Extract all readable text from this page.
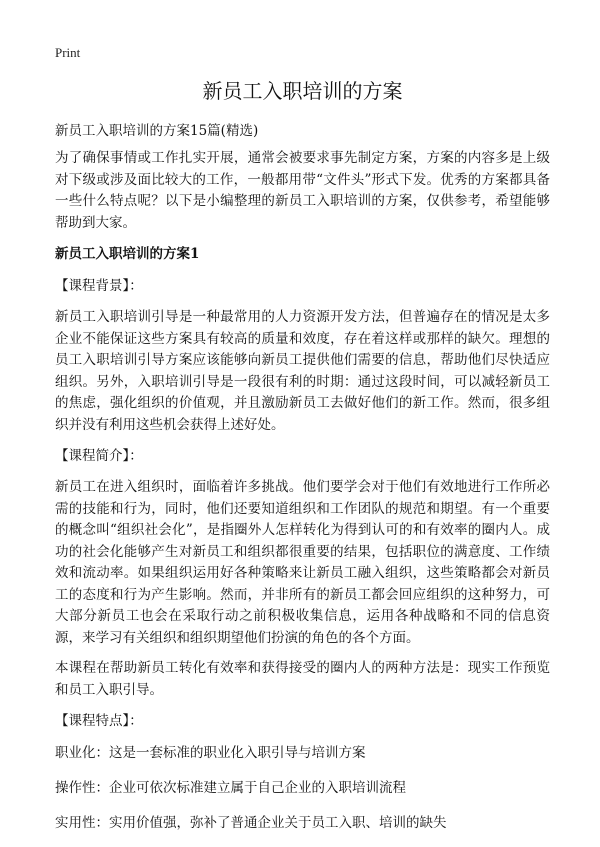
Print
新员工入职培训的方案

新员工入职培训的方案15篇(精选)

为了确保事情或工作扎实开展，通常会被要求事先制定方案，方案的内容多是上级对下级或涉及面比较大的工作，一般都用带“文件头”形式下发。优秀的方案都具备一些什么特点呢？以下是小编整理的新员工入职培训的方案，仅供参考，希望能够帮助到大家。

新员工入职培训的方案1

【课程背景】：

新员工入职培训引导是一种最常用的人力资源开发方法，但普遍存在的情况是太多企业不能保证这些方案具有较高的质量和效度，存在着这样或那样的缺欠。理想的员工入职培训引导方案应该能够向新员工提供他们需要的信息，帮助他们尽快适应组织。另外，入职培训引导是一段很有利的时期：通过这段时间，可以减轻新员工的焦虑，强化组织的价值观，并且激励新员工去做好他们的新工作。然而，很多组织并没有利用这些机会获得上述好处。

【课程简介】：

新员工在进入组织时，面临着许多挑战。他们要学会对于他们有效地进行工作所必需的技能和行为，同时，他们还要知道组织和工作团队的规范和期望。有一个重要的概念叫“组织社会化”，是指圈外人怎样转化为得到认可的和有效率的圈内人。成功的社会化能够产生对新员工和组织都很重要的结果，包括职位的满意度、工作绩效和流动率。如果组织运用好各种策略来让新员工融入组织，这些策略都会对新员工的态度和行为产生影响。然而，并非所有的新员工都会回应组织的这种努力，可大部分新员工也会在采取行动之前积极收集信息，运用各种战略和不同的信息资源，来学习有关组织和组织期望他们扮演的角色的各个方面。

本课程在帮助新员工转化有效率和获得接受的圈内人的两种方法是：现实工作预览和员工入职引导。

【课程特点】：

职业化：这是一套标准的职业化入职引导与培训方案

操作性：企业可依次标准建立属于自己企业的入职培训流程

实用性：实用价值强，弥补了普通企业关于员工入职、培训的缺失
